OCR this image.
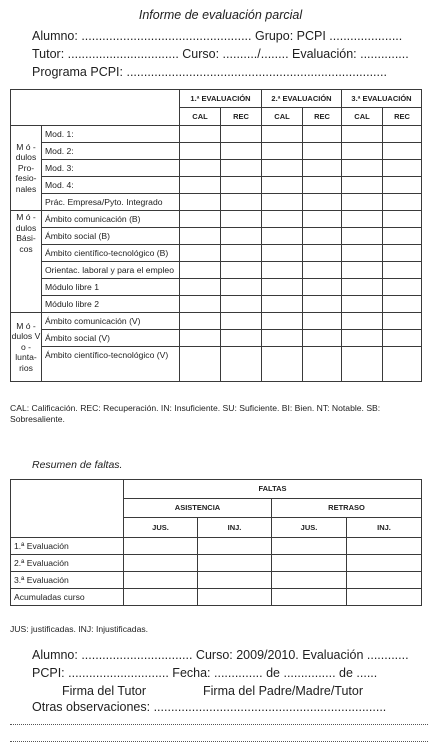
Informe de evaluación parcial
Alumno: ................................................. Grupo: PCPI .....................
Tutor: ................................ Curso: ........../........ Evaluación: ..............
Programa PCPI: ...........................................................................
		1.ª EVALUACIÓN		2.ª EVALUACIÓN		3.ª EVALUACIÓN	
		CAL	REC	CAL	REC	CAL	REC
M ó - dulos Pro- fesio- nales	Mod. 1:						
	Mod. 2:						
	Mod. 3:						
	Mod. 4:						
	Prác. Empresa/Pyto. Integrado						
M ó - dulos Bási- cos	Ámbito comunicación (B)						
	Ámbito social (B)						
	Ámbito científico-tecnológico (B)						
	Orientac. laboral y para el empleo						
	Módulo libre 1						
	Módulo libre 2						
M ó - dulos V o - lunta- rios	Ámbito comunicación (V)						
	Ámbito social (V)						
	Ámbito científico-tecnológico (V)						
CAL: Calificación. REC: Recuperación. IN: Insuficiente. SU: Suficiente. BI: Bien. NT: Notable. SB: Sobresaliente.
Resumen de faltas.
	FALTAS			
	ASISTENCIA		RETRASO	
	JUS.	INJ.	JUS.	INJ.
1.ª Evaluación				
2.ª Evaluación				
3.ª Evaluación				
Acumuladas curso				
JUS: justificadas. INJ: Injustificadas.
Alumno: ................................ Curso: 2009/2010. Evaluación ............
PCPI: ............................. Fecha: .............. de ............... de ......
Firma del Tutor	Firma del Padre/Madre/Tutor
Otras observaciones: ...................................................................
